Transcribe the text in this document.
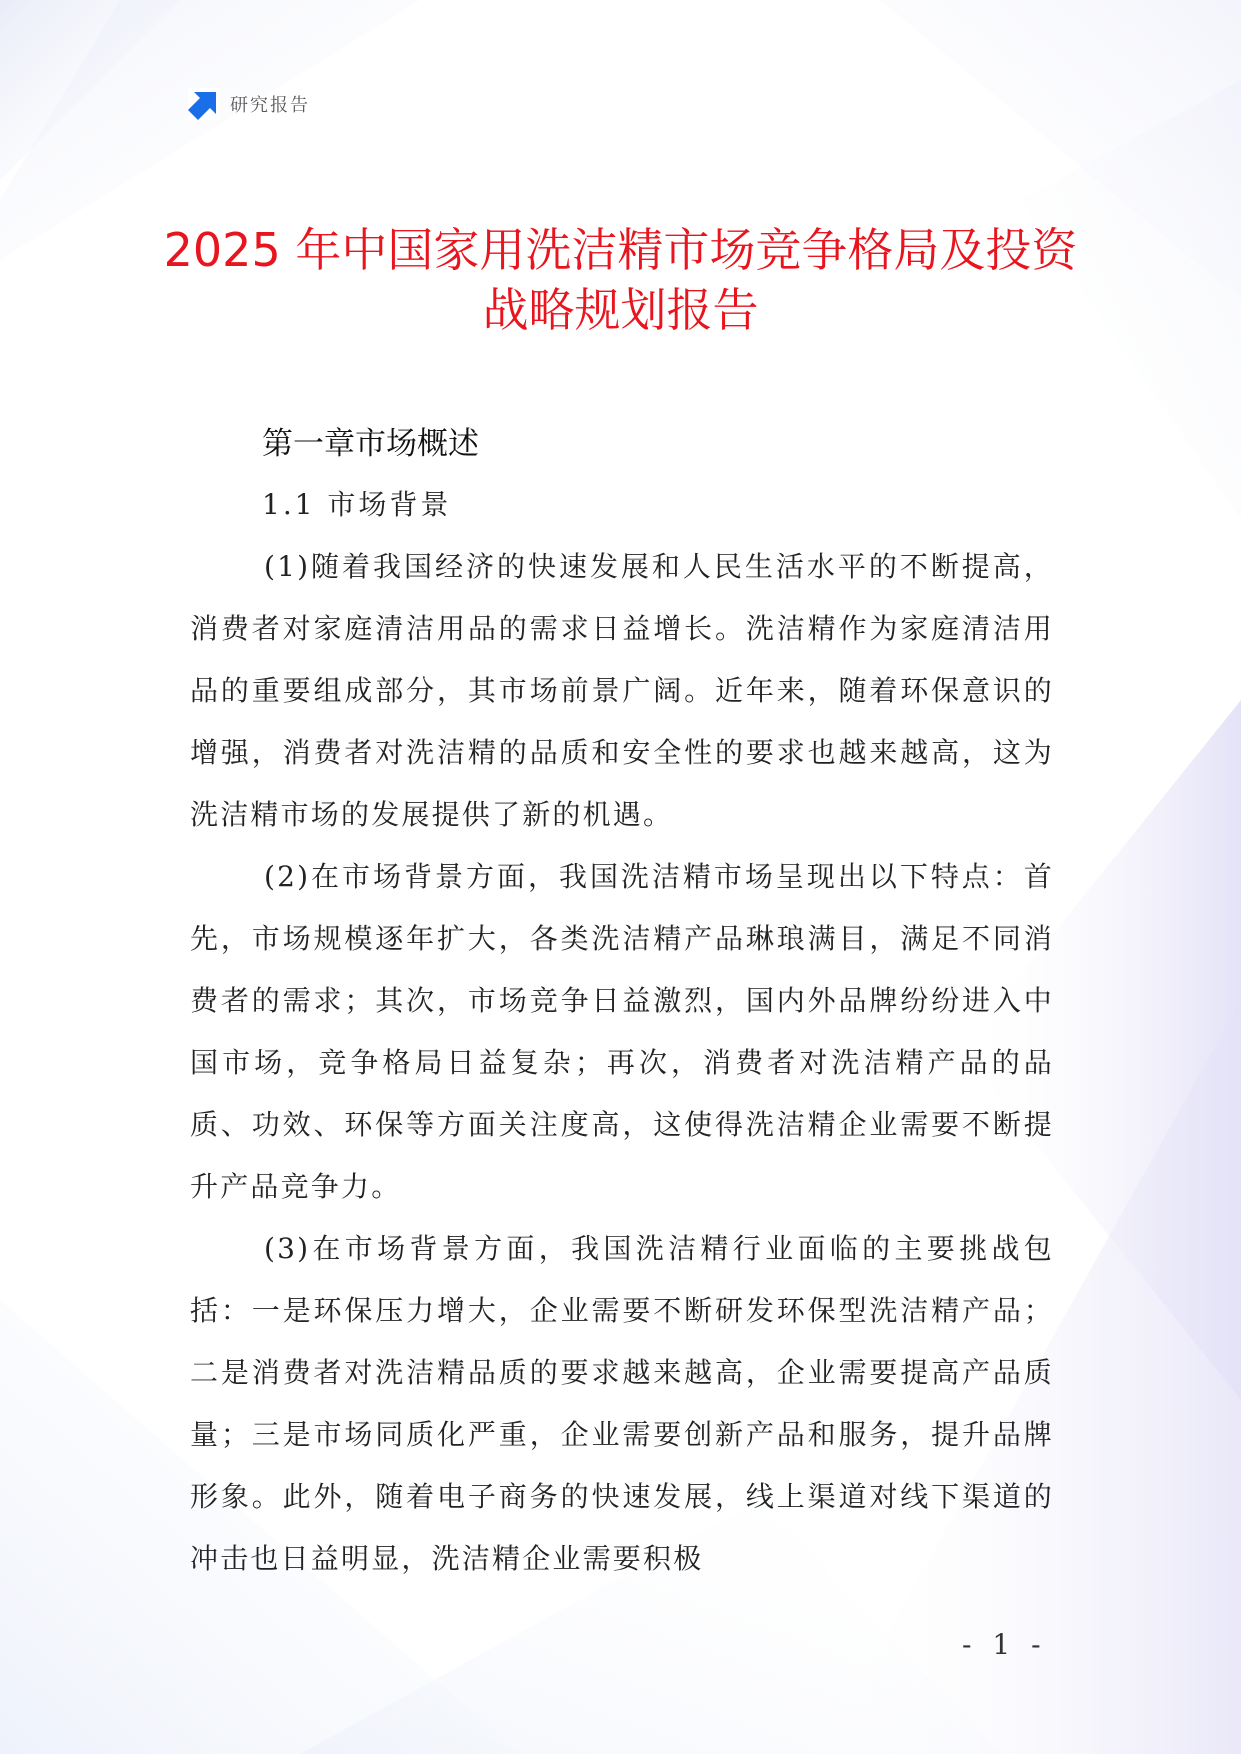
研究报告
2025 年中国家用洗洁精市场竞争格局及投资战略规划报告
第一章市场概述
1.1 市场背景

(1)随着我国经济的快速发展和人民生活水平的不断提高，消费者对家庭清洁用品的需求日益增长。洗洁精作为家庭清洁用品的重要组成部分，其市场前景广阔。近年来，随着环保意识的增强，消费者对洗洁精的品质和安全性的要求也越来越高，这为洗洁精市场的发展提供了新的机遇。

(2)在市场背景方面，我国洗洁精市场呈现出以下特点：首先，市场规模逐年扩大，各类洗洁精产品琳琅满目，满足不同消费者的需求；其次，市场竞争日益激烈，国内外品牌纷纷进入中国市场，竞争格局日益复杂；再次，消费者对洗洁精产品的品质、功效、环保等方面关注度高，这使得洗洁精企业需要不断提升产品竞争力。

(3)在市场背景方面，我国洗洁精行业面临的主要挑战包括：一是环保压力增大，企业需要不断研发环保型洗洁精产品；二是消费者对洗洁精品质的要求越来越高，企业需要提高产品质量；三是市场同质化严重，企业需要创新产品和服务，提升品牌形象。此外，随着电子商务的快速发展，线上渠道对线下渠道的冲击也日益明显，洗洁精企业需要积极

- 1 -
